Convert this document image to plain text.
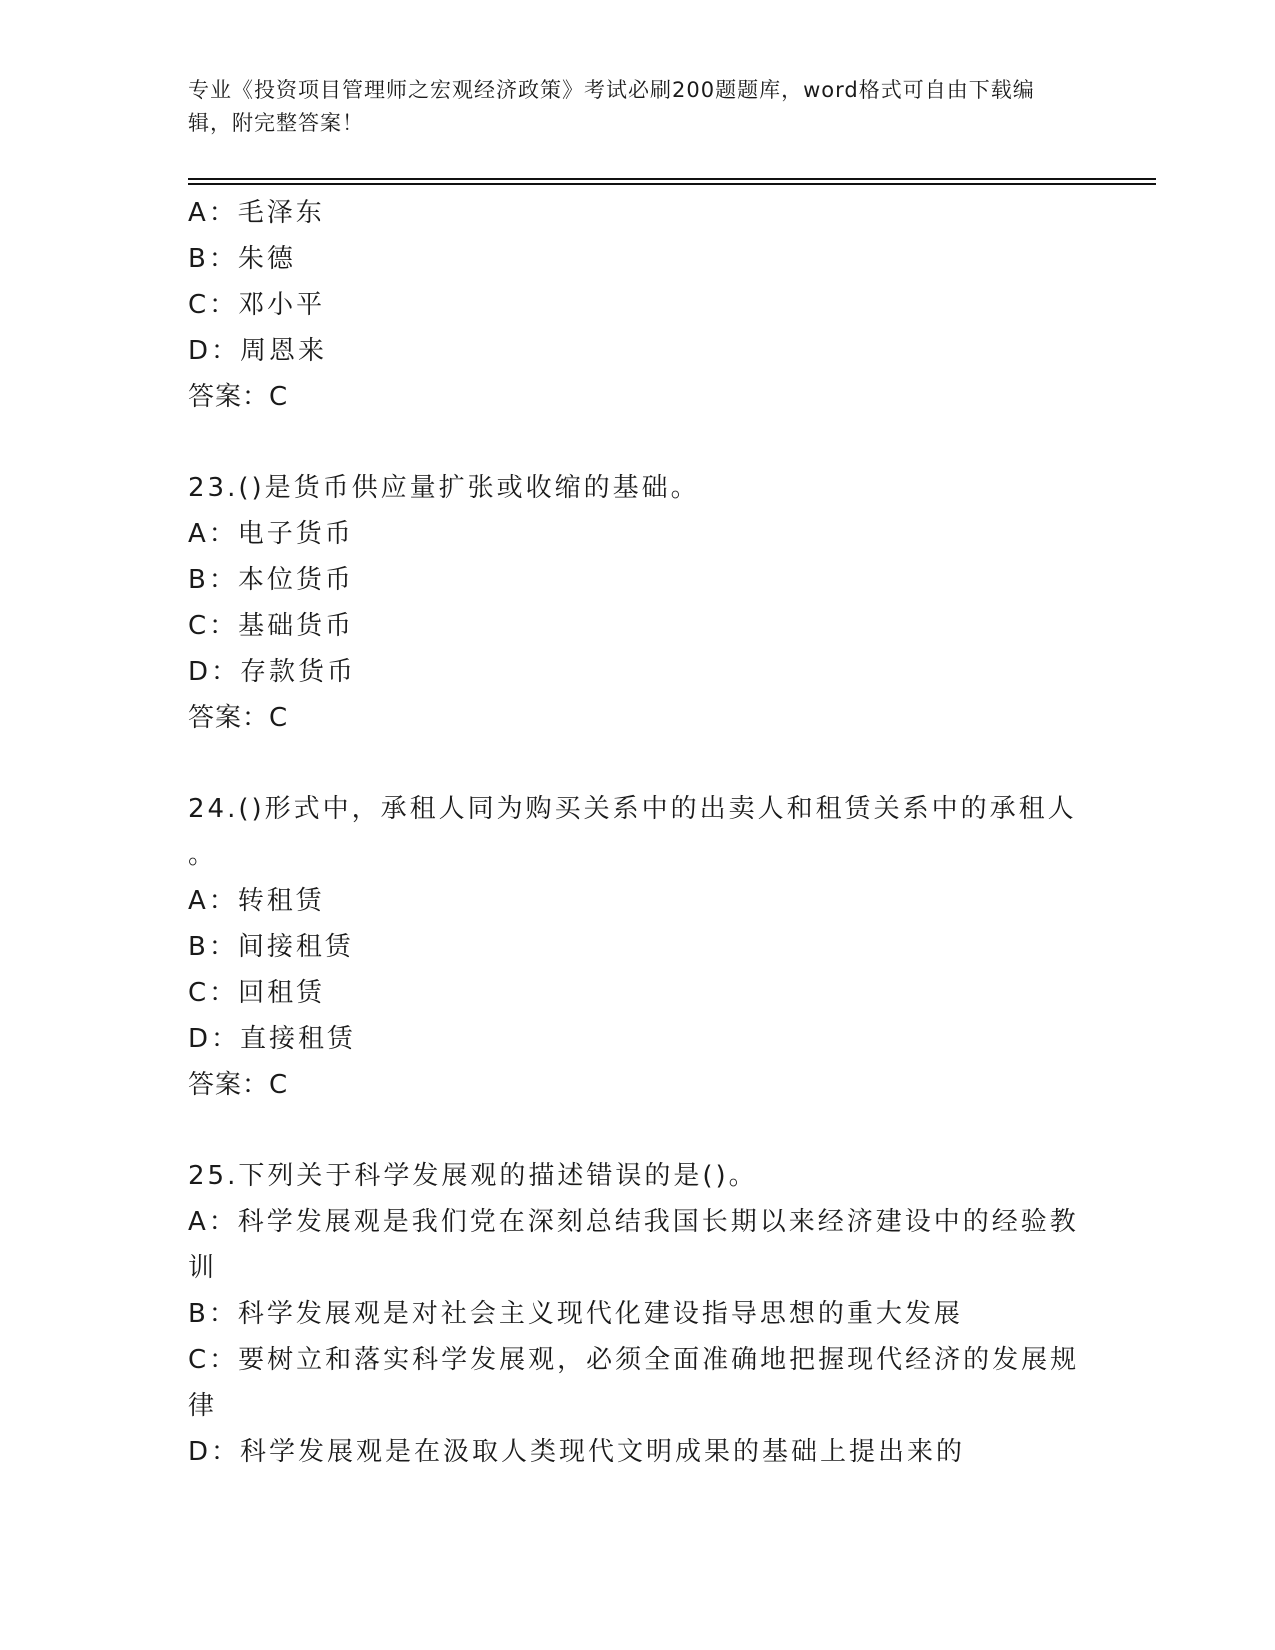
专业《投资项目管理师之宏观经济政策》考试必刷200题题库，word格式可自由下载编辑，附完整答案！
A：毛泽东
B：朱德
C：邓小平
D：周恩来
答案：C
23.()是货币供应量扩张或收缩的基础。
A：电子货币
B：本位货币
C：基础货币
D：存款货币
答案：C
24.()形式中，承租人同为购买关系中的出卖人和租赁关系中的承租人
。
A：转租赁
B：间接租赁
C：回租赁
D：直接租赁
答案：C
25.下列关于科学发展观的描述错误的是()。
A：科学发展观是我们党在深刻总结我国长期以来经济建设中的经验教
训
B：科学发展观是对社会主义现代化建设指导思想的重大发展
C：要树立和落实科学发展观，必须全面准确地把握现代经济的发展规
律
D：科学发展观是在汲取人类现代文明成果的基础上提出来的
